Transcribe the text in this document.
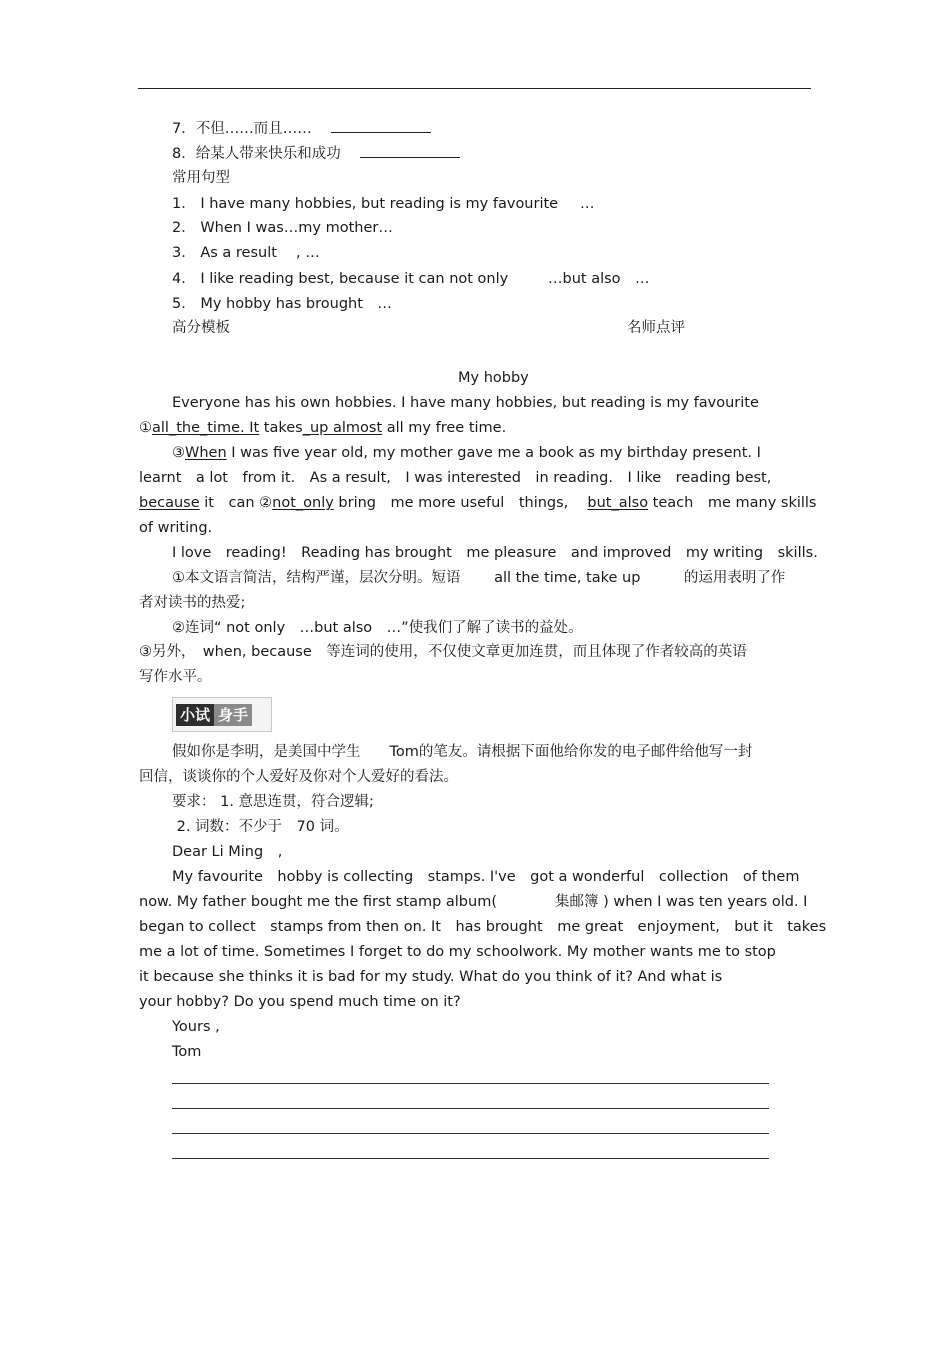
7．不但……而且……　
8．给某人带来快乐和成功　
常用句型
1． I have many hobbies, but reading is my favourite …
2． When I was…my mother…
3． As a result　 , …
4． I like reading best, because it can not only	…but also　…
5． My hobby has brought　…
高分模板	名师点评
My hobby
Everyone has his own hobbies. I have many hobbies, but reading is my favourite
①all_the_time. It takes_up almost all my free time.
③When I was five year old, my mother gave me a book as my birthday present. I
learnt　a lot　from it.　As a result,　I was interested　in reading.　I like　reading best,
because it　can ②not_only bring　me more useful　things,　 but_also teach　me many skills
of writing.
I love　reading!　Reading has brought　me pleasure　and improved　my writing　skills.
①本文语言简洁，结构严谨，层次分明。短语　　 all the time, take up　　　的运用表明了作
者对读书的热爱;
②连词“ not only　…but also　…”使我们了解了读书的益处。
③另外，　when, because　等连词的使用，不仅使文章更加连贯，而且体现了作者较高的英语
写作水平。
小试 身手
假如你是李明，是美国中学生　　Tom的笔友。请根据下面他给你发的电子邮件给他写一封
回信，谈谈你的个人爱好及你对个人爱好的看法。
要求： 1. 意思连贯，符合逻辑;
2. 词数：不少于　70 词。
Dear Li Ming　,
My favourite　hobby is collecting　stamps. I've　got a wonderful　collection　of them
now. My father bought me the first stamp album(　　　　集邮簿 ) when I was ten years old. I
began to collect　stamps from then on. It　has brought　me great　enjoyment,　but it　takes
me a lot of time. Sometimes I forget to do my schoolwork. My mother wants me to stop
it because she thinks it is bad for my study. What do you think of it? And what is
your hobby? Do you spend much time on it?
Yours ,
Tom
